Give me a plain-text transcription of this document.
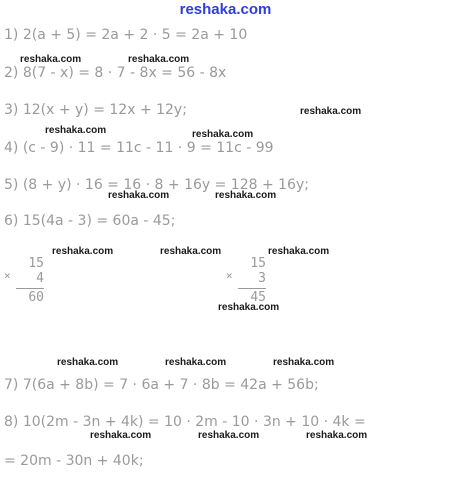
reshaka.com
1) 2(a + 5) = 2a + 2 · 5 = 2a + 10
2) 8(7 - x) = 8 · 7 - 8x = 56 - 8x
3) 12(x + y) = 12x + 12y;
4) (c - 9) · 11 = 11c - 11 · 9 = 11c - 99
5) (8 + y) · 16 = 16 · 8 + 16y = 128 + 16y;
6) 15(4a - 3) = 60a - 45;
7) 7(6a + 8b) = 7 · 6a + 7 · 8b = 42a + 56b;
8) 10(2m - 3n + 4k) = 10 · 2m - 10 · 3n + 10 · 4k =
= 20m - 30n + 40k;
×
15
4
60
×
15
3
45
reshaka.com	reshaka.com
reshaka.com
reshaka.com	reshaka.com
reshaka.com	reshaka.com
reshaka.com	reshaka.com	reshaka.com
reshaka.com
reshaka.com	reshaka.com	reshaka.com
reshaka.com	reshaka.com	reshaka.com
